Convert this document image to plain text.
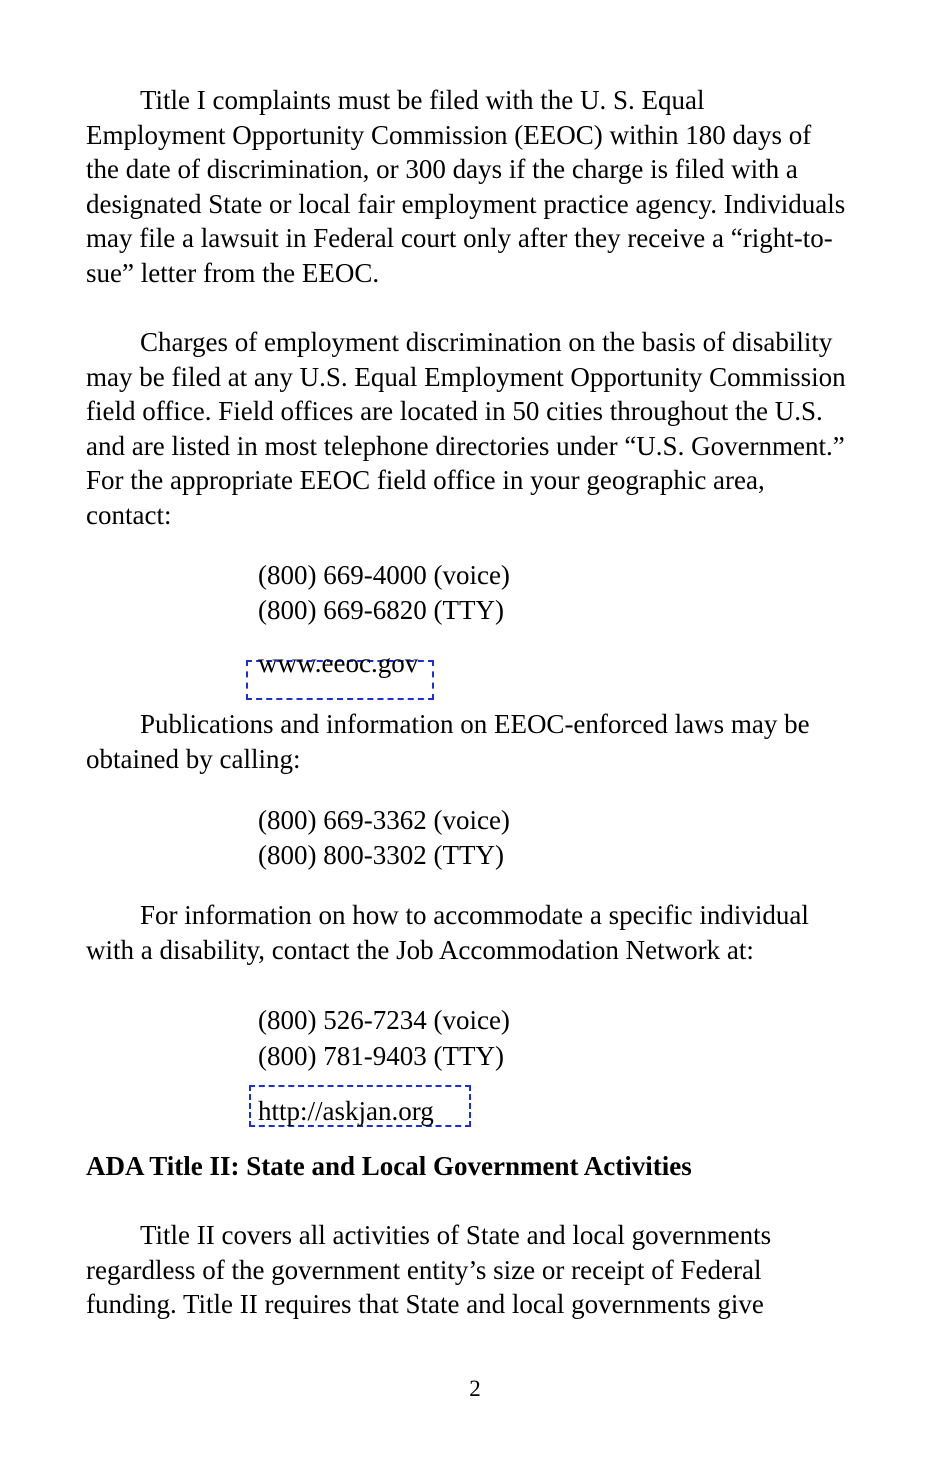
Title I complaints must be filed with the U. S. Equal Employment Opportunity Commission (EEOC) within 180 days of the date of discrimination, or 300 days if the charge is filed with a designated State or local fair employment practice agency. Individuals may file a lawsuit in Federal court only after they receive a “right-to-sue” letter from the EEOC.

Charges of employment discrimination on the basis of disability may be filed at any U.S. Equal Employment Opportunity Commission field office. Field offices are located in 50 cities throughout the U.S. and are listed in most telephone directories under “U.S. Government.” For the appropriate EEOC field office in your geographic area, contact:

(800) 669-4000 (voice)
(800) 669-6820 (TTY)
www.eeoc.gov

Publications and information on EEOC-enforced laws may be obtained by calling:

(800) 669-3362 (voice)
(800) 800-3302 (TTY)

For information on how to accommodate a specific individual with a disability, contact the Job Accommodation Network at:

(800) 526-7234 (voice)
(800) 781-9403 (TTY)
http://askjan.org
ADA Title II: State and Local Government Activities

Title II covers all activities of State and local governments regardless of the government entity’s size or receipt of Federal funding. Title II requires that State and local governments give

2
